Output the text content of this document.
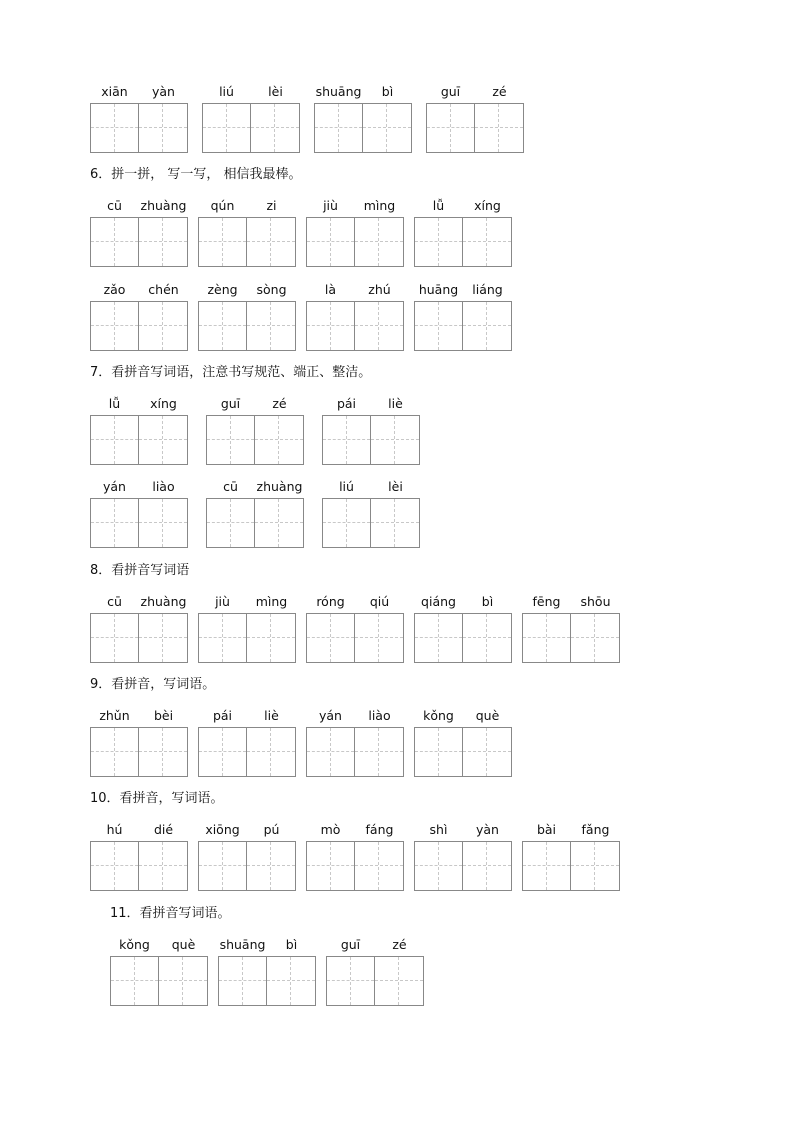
6．拼一拼， 写一写， 相信我最棒。
7．看拼音写词语，注意书写规范、端正、整洁。
8．看拼音写词语
9．看拼音，写词语。
10．看拼音，写词语。
11．看拼音写词语。
xiān	yàn	liú	lèi	shuāng	bì	guī	zé
cū	zhuàng	qún	zi	jiù	mìng	lǚ	xíng
zǎo	chén	zèng	sòng	là	zhú	huāng	liáng
lǚ	xíng	guī	zé	pái	liè
yán	liào	cū	zhuàng	liú	lèi
cū	zhuàng	jiù	mìng	róng	qiú	qiáng	bì	fēng	shōu
zhǔn	bèi	pái	liè	yán	liào	kǒng	què
hú	dié	xiōng	pú	mò	fáng	shì	yàn	bài	fǎng
kǒng	què	shuāng	bì	guī	zé
